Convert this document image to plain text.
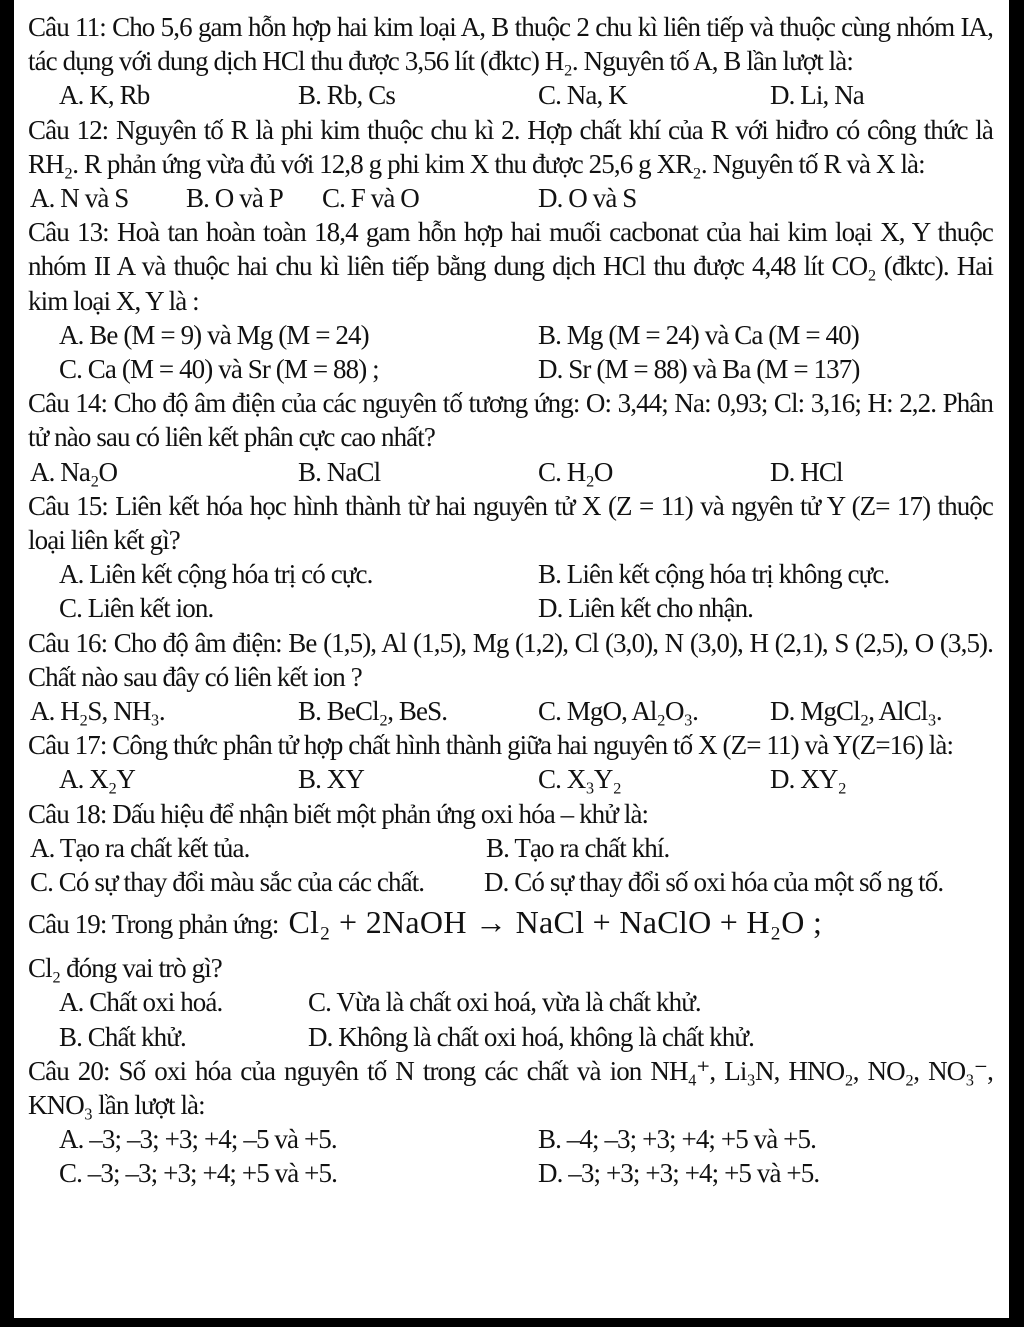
Câu 11: Cho 5,6 gam hỗn hợp hai kim loại A, B thuộc 2 chu kì liên tiếp và thuộc cùng nhóm IA, tác dụng với dung dịch HCl thu được 3,56 lít (đktc) H₂. Nguyên tố A, B lần lượt là:

A. K, Rb	B. Rb, Cs	C. Na, K	D. Li, Na

Câu 12: Nguyên tố R là phi kim thuộc chu kì 2. Hợp chất khí của R với hiđro có công thức là RH₂. R phản ứng vừa đủ với 12,8 g phi kim X thu được 25,6 g XR₂. Nguyên tố R và X là:

A. N và S B. O và P C. F và O	D. O và S

Câu 13: Hoà tan hoàn toàn 18,4 gam hỗn hợp hai muối cacbonat của hai kim loại X, Y thuộc nhóm II A và thuộc hai chu kì liên tiếp bằng dung dịch HCl thu được 4,48 lít CO₂ (đktc). Hai kim loại X, Y là :

A. Be (M = 9) và Mg (M = 24)	B. Mg (M = 24) và Ca (M = 40)
C. Ca (M = 40) và Sr (M = 88) ;	D. Sr (M = 88) và Ba (M = 137)

Câu 14: Cho độ âm điện của các nguyên tố tương ứng: O: 3,44; Na: 0,93; Cl: 3,16; H: 2,2. Phân tử nào sau có liên kết phân cực cao nhất?

A. Na₂O	B. NaCl	C. H₂O	D. HCl

Câu 15: Liên kết hóa học hình thành từ hai nguyên tử X (Z = 11) và ngyên tử Y (Z= 17) thuộc loại liên kết gì?

A. Liên kết cộng hóa trị có cực.	B. Liên kết cộng hóa trị không cực.
C. Liên kết ion.	D. Liên kết cho nhận.

Câu 16: Cho độ âm điện: Be (1,5), Al (1,5), Mg (1,2), Cl (3,0), N (3,0), H (2,1), S (2,5), O (3,5). Chất nào sau đây có liên kết ion ?

A. H₂S, NH₃.	B. BeCl₂, BeS.	C. MgO, Al₂O₃.	D. MgCl₂, AlCl₃.

Câu 17: Công thức phân tử hợp chất hình thành giữa hai nguyên tố X (Z= 11) và Y(Z=16) là:

A. X₂Y	B. XY	C. X₃Y₂	D. XY₂

Câu 18: Dấu hiệu để nhận biết một phản ứng oxi hóa – khử là:

A. Tạo ra chất kết tủa.	B. Tạo ra chất khí.
C. Có sự thay đổi màu sắc của các chất. D. Có sự thay đổi số oxi hóa của một số ng tố.
Câu 19: Trong phản ứng: Cl₂ + 2NaOH → NaCl + NaClO + H₂O ;

Cl₂ đóng vai trò gì?

A. Chất oxi hoá.	C. Vừa là chất oxi hoá, vừa là chất khử.
B. Chất khử.	D. Không là chất oxi hoá, không là chất khử.

Câu 20: Số oxi hóa của nguyên tố N trong các chất và ion NH₄⁺, Li₃N, HNO₂, NO₂, NO₃⁻, KNO₃ lần lượt là:

A. –3; –3; +3; +4; –5 và +5.	B. –4; –3; +3; +4; +5 và +5.
C. –3; –3; +3; +4; +5 và +5.	D. –3; +3; +3; +4; +5 và +5.
